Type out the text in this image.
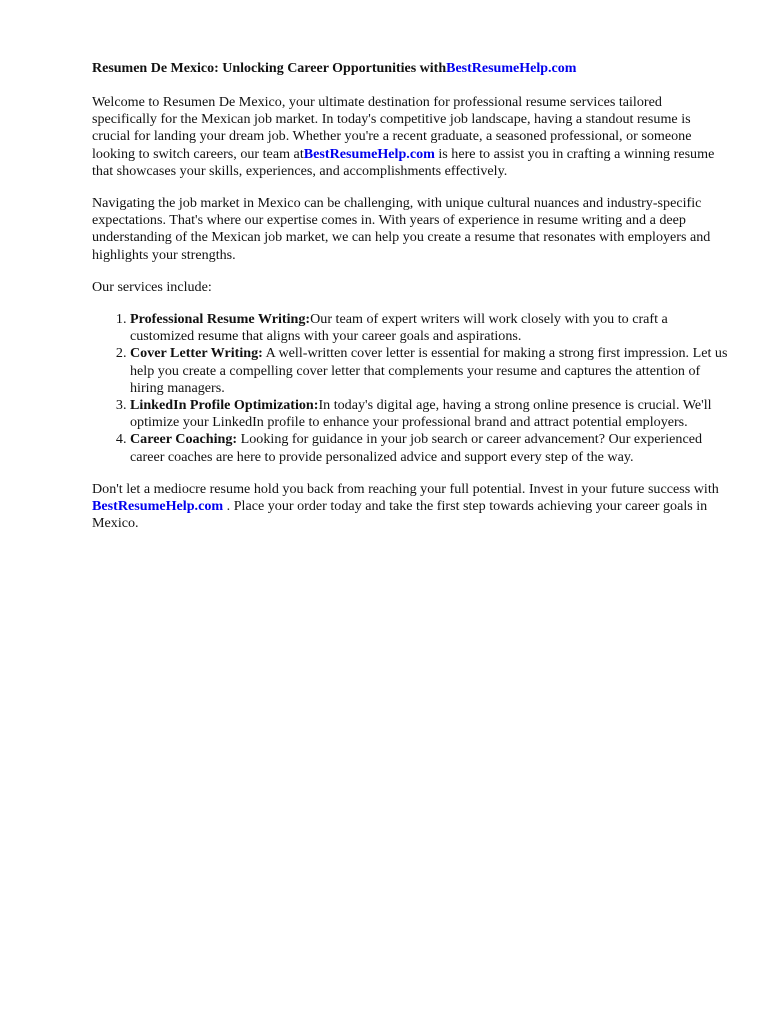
Resumen De Mexico: Unlocking Career Opportunities withBestResumeHelp.com

Welcome to Resumen De Mexico, your ultimate destination for professional resume services tailored specifically for the Mexican job market. In today's competitive job landscape, having a standout resume is crucial for landing your dream job. Whether you're a recent graduate, a seasoned professional, or someone looking to switch careers, our team atBestResumeHelp.com is here to assist you in crafting a winning resume that showcases your skills, experiences, and accomplishments effectively.

Navigating the job market in Mexico can be challenging, with unique cultural nuances and industry-specific expectations. That's where our expertise comes in. With years of experience in resume writing and a deep understanding of the Mexican job market, we can help you create a resume that resonates with employers and highlights your strengths.

Our services include:

1. Professional Resume Writing:Our team of expert writers will work closely with you to craft a customized resume that aligns with your career goals and aspirations.
2. Cover Letter Writing: A well-written cover letter is essential for making a strong first impression. Let us help you create a compelling cover letter that complements your resume and captures the attention of hiring managers.
3. LinkedIn Profile Optimization:In today's digital age, having a strong online presence is crucial. We'll optimize your LinkedIn profile to enhance your professional brand and attract potential employers.
4. Career Coaching: Looking for guidance in your job search or career advancement? Our experienced career coaches are here to provide personalized advice and support every step of the way.

Don't let a mediocre resume hold you back from reaching your full potential. Invest in your future success with BestResumeHelp.com . Place your order today and take the first step towards achieving your career goals in Mexico.
